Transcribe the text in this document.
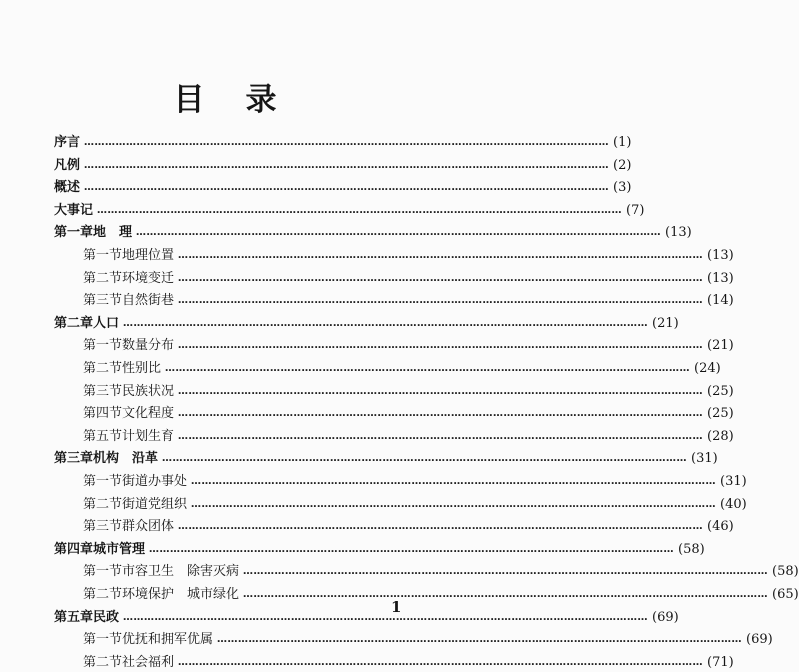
目 录
序言 …………………………………………………………………………………………………………………………………… (1)
凡例 …………………………………………………………………………………………………………………………………… (2)
概述 …………………………………………………………………………………………………………………………………… (3)
大事记 …………………………………………………………………………………………………………………………………… (7)
第一章 地　理 …………………………………………………………………………………………………………………………………… (13)
第一节 地理位置 …………………………………………………………………………………………………………………………………… (13)
第二节 环境变迁 …………………………………………………………………………………………………………………………………… (13)
第三节 自然街巷 …………………………………………………………………………………………………………………………………… (14)
第二章 人口 …………………………………………………………………………………………………………………………………… (21)
第一节 数量分布 …………………………………………………………………………………………………………………………………… (21)
第二节 性别比 …………………………………………………………………………………………………………………………………… (24)
第三节 民族状况 …………………………………………………………………………………………………………………………………… (25)
第四节 文化程度 …………………………………………………………………………………………………………………………………… (25)
第五节 计划生育 …………………………………………………………………………………………………………………………………… (28)
第三章 机构　沿革 …………………………………………………………………………………………………………………………………… (31)
第一节 街道办事处 …………………………………………………………………………………………………………………………………… (31)
第二节 街道党组织 …………………………………………………………………………………………………………………………………… (40)
第三节 群众团体 …………………………………………………………………………………………………………………………………… (46)
第四章 城市管理 …………………………………………………………………………………………………………………………………… (58)
第一节 市容卫生　除害灭病 …………………………………………………………………………………………………………………………………… (58)
第二节 环境保护　城市绿化 …………………………………………………………………………………………………………………………………… (65)
第五章 民政 …………………………………………………………………………………………………………………………………… (69)
第一节 优抚和拥军优属 …………………………………………………………………………………………………………………………………… (69)
第二节 社会福利 …………………………………………………………………………………………………………………………………… (71)
1
